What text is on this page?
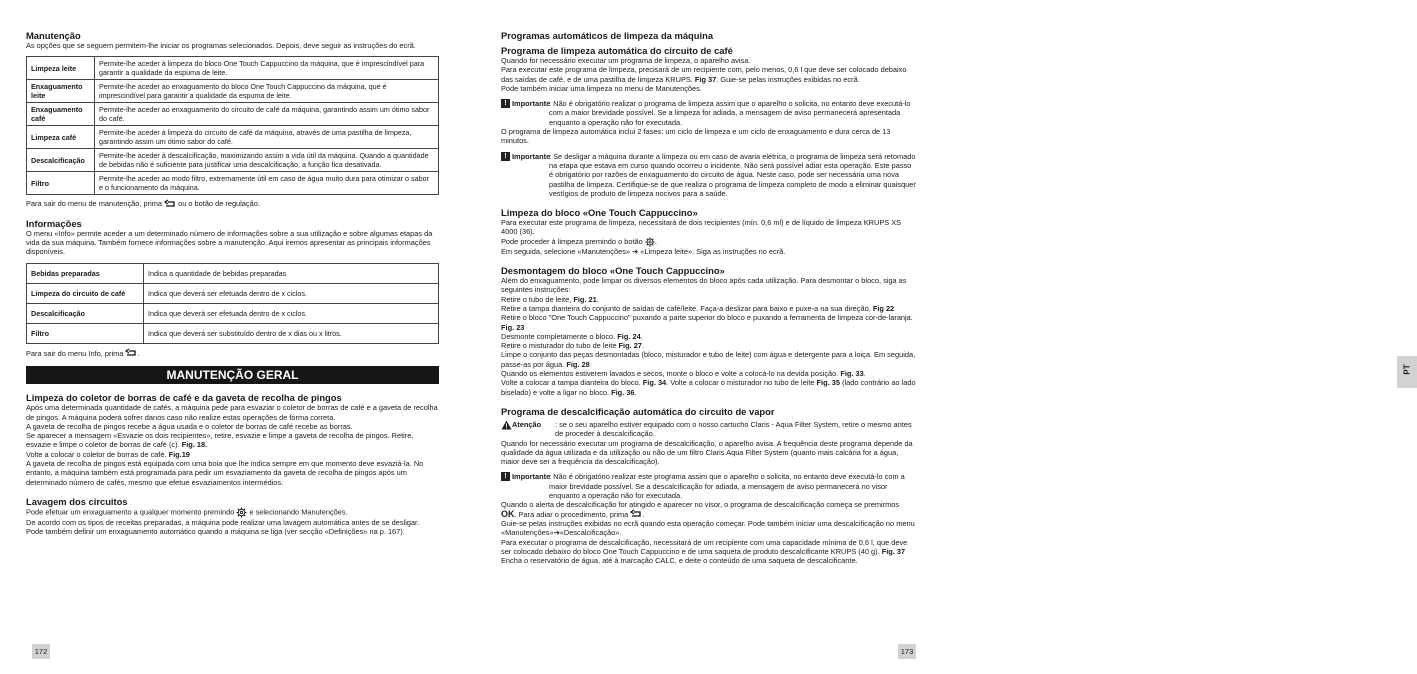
Manutenção

As opções que se seguem permitem-lhe iniciar os programas selecionados. Depois, deve seguir as instruções do ecrã.

Limpeza leite	Permite-lhe aceder à limpeza do bloco One Touch Cappuccino da máquina, que é imprescindível para garantir a qualidade da espuma de leite.
Enxaguamento leite	Permite-lhe aceder ao enxaguamento do bloco One Touch Cappuccino da máquina, que é imprescindível para garantir a qualidade da espuma de leite.
Enxaguamento café	Permite-lhe aceder ao enxaguamento do circuito de café da máquina, garantindo assim um ótimo sabor do café.
Limpeza café	Permite-lhe aceder à limpeza do circuito de café da máquina, através de uma pastilha de limpeza, garantindo assim um ótimo sabor do café.
Descalcificação	Permite-lhe aceder à descalcificação, maximizando assim a vida útil da máquina. Quando a quantidade de bebidas não é suficiente para justificar uma descalcificação, a função fica desativada.
Filtro	Permite-lhe aceder ao modo filtro, extremamente útil em caso de água muito dura para otimizar o sabor e o funcionamento da máquina.

Para sair do menu de manutenção, prima ou o botão de regulação.

Informações

O menu «Info» permite aceder a um determinado número de informações sobre a sua utilização e sobre algumas etapas da vida da sua máquina. Também fornece informações sobre a manutenção. Aqui iremos apresentar as principais informações disponíveis.

Bebidas preparadas	Indica a quantidade de bebidas preparadas
Limpeza do circuito de café	Indica que deverá ser efetuada dentro de x ciclos.
Descalcificação	Indica que deverá ser efetuada dentro de x ciclos.
Filtro	Indica que deverá ser substituído dentro de x dias ou x litros.

Para sair do menu Info, prima .

MANUTENÇÃO GERAL
Limpeza do coletor de borras de café e da gaveta de recolha de pingos

Após uma determinada quantidade de cafés, a máquina pede para esvaziar o coletor de borras de café e a gaveta de recolha de pingos. A máquina poderá sofrer danos caso não realize estas operações de forma correta.

A gaveta de recolha de pingos recebe a água usada e o coletor de borras de café recebe as borras.

Se aparecer a mensagem «Esvazie os dois recipientes», retire, esvazie e limpe a gaveta de recolha de pingos. Retire, esvazie e limpe o coletor de borras de café (c). Fig. 18.

Volte a colocar o coletor de borras de café. Fig.19

A gaveta de recolha de pingos está equipada com uma boia que lhe indica sempre em que momento deve esvaziá-la. No entanto, a máquina também está programada para pedir um esvaziamento da gaveta de recolha de pingos após um determinado número de cafés, mesmo que efetue esvaziamentos intermédios.

Lavagem dos circuitos

Pode efetuar um enxaguamento a qualquer momento premindo e selecionando Manutenções.

De acordo com os tipos de receitas preparadas, a máquina pode realizar uma lavagem automática antes de se desligar.

Pode também definir um enxaguamento automático quando a máquina se liga (ver secção «Definições» na p. 167).

172
PT
Programas automáticos de limpeza da máquina
Programa de limpeza automática do circuito de café

Quando for necessário executar um programa de limpeza, o aparelho avisa.

Para executar este programa de limpeza, precisará de um recipiente com, pelo menos, 0,6 l que deve ser colocado debaixo das saídas de café, e de uma pastilha de limpeza KRUPS. Fig 37. Guie-se pelas instruções exibidas no ecrã.

Pode também iniciar uma limpeza no menu de Manutenções.

! Importante
: Não é obrigatório realizar o programa de limpeza assim que o aparelho o solicita, no entanto deve executá-lo com a maior brevidade possível. Se a limpeza for adiada, a mensagem de aviso permanecerá apresentada enquanto a operação não for executada.

O programa de limpeza automática inclui 2 fases: um ciclo de limpeza e um ciclo de enxaguamento e dura cerca de 13 minutos.

! Importante
: Se desligar a máquina durante a limpeza ou em caso de avaria elétrica, o programa de limpeza será retomado na etapa que estava em curso quando ocorreu o incidente. Não será possível adiar esta operação. Este passo é obrigatório por razões de enxaguamento do circuito de água. Neste caso, pode ser necessária uma nova pastilha de limpeza. Certifique-se de que realiza o programa de limpeza completo de modo a eliminar quaisquer vestígios de produto de limpeza nocivos para a saúde.
Limpeza do bloco «One Touch Cappuccino»

Para executar este programa de limpeza, necessitará de dois recipientes (mín. 0,6 ml) e de líquido de limpeza KRUPS XS 4000 (36).

Pode proceder à limpeza premindo o botão .

Em seguida, selecione «Manutenções» ➔ «Limpeza leite». Siga as instruções no ecrã.

Desmontagem do bloco «One Touch Cappuccino»

Além do enxaguamento, pode limpar os diversos elementos do bloco após cada utilização. Para desmontar o bloco, siga as seguintes instruções:

Retire o tubo de leite, Fig. 21.

Retire a tampa dianteira do conjunto de saídas de café/leite. Faça-a deslizar para baixo e puxe-a na sua direção. Fig 22

Retire o bloco "One Touch Cappuccino" puxando a parte superior do bloco e puxando a ferramenta de limpeza cor-de-laranja. Fig. 23

Desmonte completamente o bloco. Fig. 24.

Retire o misturador do tubo de leite Fig. 27.

Limpe o conjunto das peças desmontadas (bloco, misturador e tubo de leite) com água e detergente para a loiça. Em seguida, passe-as por água. Fig. 28

Quando os elementos estiverem lavados e secos, monte o bloco e volte a colocá-lo na devida posição. Fig. 33.

Volte a colocar a tampa dianteira do bloco. Fig. 34. Volte a colocar o misturador no tubo de leite Fig. 35 (lado contrário ao lado biselado) e volte a ligar no bloco. Fig. 36.

Programa de descalcificação automática do circuito de vapor
Atenção : se o seu aparelho estiver equipado com o nosso cartucho Claris - Aqua Filter System, retire o mesmo antes de proceder à descalcificação.

Quando for necessário executar um programa de descalcificação, o aparelho avisa. A frequência deste programa depende da qualidade da água utilizada e da utilização ou não de um filtro Claris Aqua Filter System (quanto mais calcária for a água, maior deve ser a frequência da descalcificação).

! Importante
: Não é obrigatório realizar este programa assim que o aparelho o solicita, no entanto deve executá-lo com a maior brevidade possível. Se a descalcificação for adiada, a mensagem de aviso permanecerá no visor enquanto a operação não for executada.

Quando o alerta de descalcificação for atingido e aparecer no visor, o programa de descalcificação começa se premirmos OK. Para adiar o procedimento, prima .

Guie-se pelas instruções exibidas no ecrã quando esta operação começar. Pode também iniciar uma descalcificação no menu «Manutenções»➔«Descalcificação».

Para executar o programa de descalcificação, necessitará de um recipiente com uma capacidade mínima de 0,6 l, que deve ser colocado debaixo do bloco One Touch Cappuccino e de uma saqueta de produto descalcificante KRUPS (40 g). Fig. 37

Encha o reservatório de água, até à marcação CALC, e deite o conteúdo de uma saqueta de descalcificante.

173
